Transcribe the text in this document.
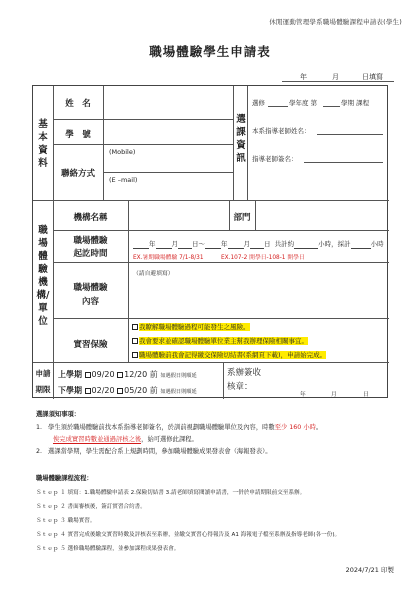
休閒運動管理學系職場體驗課程申請表(學生)
職場體驗學生申請表
年	月	日填寫
基本資料
姓　名
學　號
聯絡方式
(Mobile)
(E –mail)
選課資訊
選修	學年度 第	學期 課程
本系指導老師姓名：
指導老師簽名：
職場體驗機構/單位
機構名稱	部門
職場體驗
起訖時間
年 月 日～ 年 月 日 共計約	小時，採計	小時
EX.暑期職場體驗 7/1-8/31	EX.107-2 開學日-108-1 開學日
職場體驗
內容
（請自避填寫）
實習保險
我瞭解職場體驗過程可能發生之風險。
我會要求並確認職場體驗單位業主幫我辦理保險相關事宜。
職場體驗前我會記得繳交保險切結書(系網頁下載)，申請始完成。
申請
期限
上學期 09/20 12/20 前 如遇假日則順延
下學期 02/20 05/20 前 如遇假日則順延
系辦簽收
核章：
年	月	日
選課須知事項：
1.   學生須於職場體驗前找本系指導老師簽名，於訓前視劃職場體驗單位及內容，時數至少 160 小時。
俟完成實習時數並通過評核之後，始可選修此課程。
2.   選課當學期，學生需配合系上規劃時間，參加職場體驗成果發表會（海報發表）。
職場體驗課程流程：
Ｓｔｅｐ １ 填寫：1.職場體驗申請表 2.保險切結書 3.請老師填寫閱讀申請書，一併於申請期限前交至系辦。
Ｓｔｅｐ ２ 書面審核後，簽訂實習合約書。
Ｓｔｅｐ ３ 職場實習。
Ｓｔｅｐ ４ 實習完成後繳交實習時數及評核表至系辦，並繳交實習心得報告及 A1 海報電子檔至系辦及指導老師(各一份)。
Ｓｔｅｐ ５ 選修職場體驗課程，並參加課程成果發表會。
2024/7/21 印製
